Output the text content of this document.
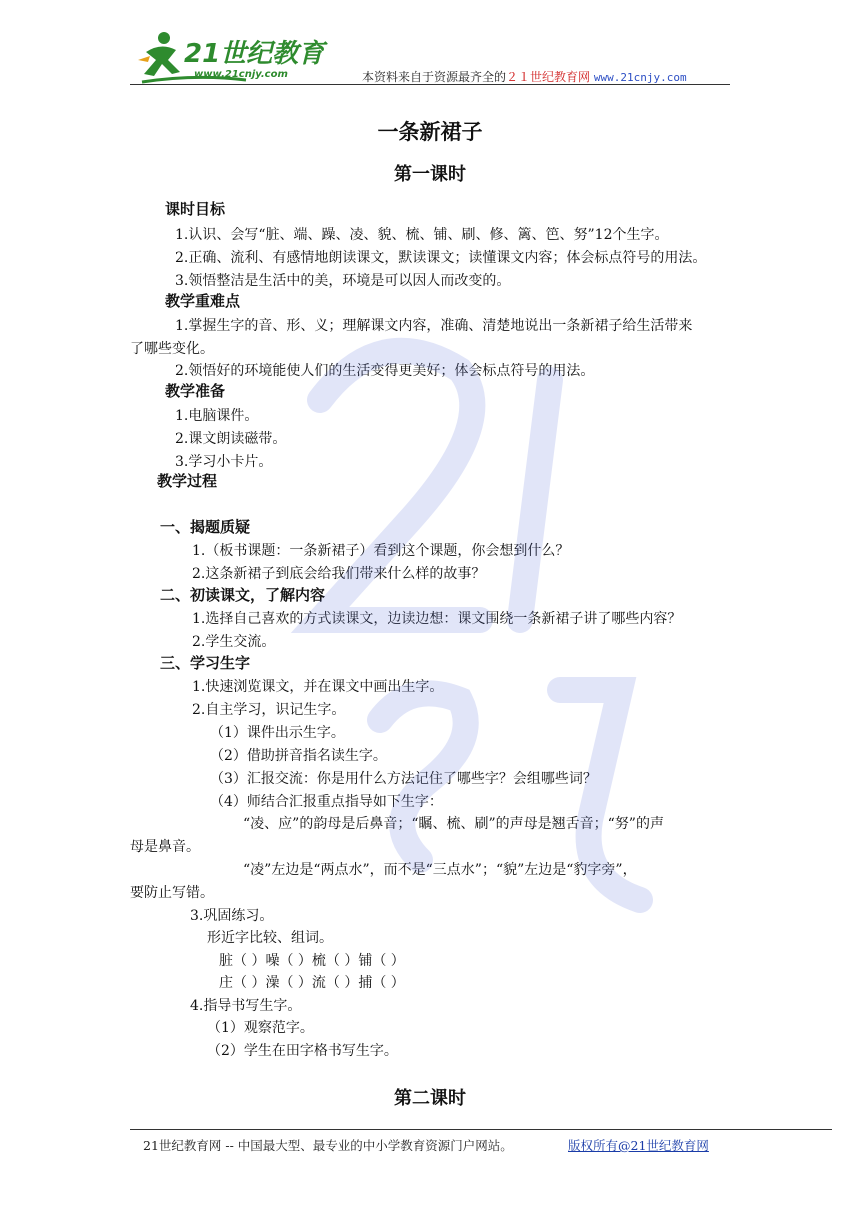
21世纪教育
www.21cnjy.com	本资料来自于资源最齐全的２１世纪教育网 www.21cnjy.com
一条新裙子
第一课时
课时目标
1.认识、会写“脏、端、躁、凌、貌、梳、铺、刷、修、篱、笆、努”12个生字。
2.正确、流利、有感情地朗读课文，默读课文；读懂课文内容；体会标点符号的用法。
3.领悟整洁是生活中的美，环境是可以因人而改变的。
教学重难点
1.掌握生字的音、形、义；理解课文内容，准确、清楚地说出一条新裙子给生活带来
了哪些变化。
2.领悟好的环境能使人们的生活变得更美好；体会标点符号的用法。
教学准备
1.电脑课件。
2.课文朗读磁带。
3.学习小卡片。
教学过程
一、揭题质疑
1.（板书课题：一条新裙子）看到这个课题，你会想到什么？
2.这条新裙子到底会给我们带来什么样的故事？
二、初读课文，了解内容
1.选择自己喜欢的方式读课文，边读边想：课文围绕一条新裙子讲了哪些内容？
2.学生交流。
三、学习生字
1.快速浏览课文，并在课文中画出生字。
2.自主学习，识记生字。
（1）课件出示生字。
（2）借助拼音指名读生字。
（3）汇报交流：你是用什么方法记住了哪些字？会组哪些词？
（4）师结合汇报重点指导如下生字：
“凌、应”的韵母是后鼻音；“瞩、梳、刷”的声母是翘舌音；“努”的声
母是鼻音。
“凌”左边是“两点水”，而不是“三点水”；“貌”左边是“豹字旁”，
要防止写错。
3.巩固练习。
形近字比较、组词。
脏（ ）噪（ ）梳（ ）铺（ ）
庄（ ）澡（ ）流（ ）捕（ ）
4.指导书写生字。
（1）观察范字。
（2）学生在田字格书写生字。
第二课时
21世纪教育网 -- 中国最大型、最专业的中小学教育资源门户网站。	版权所有@21世纪教育网
